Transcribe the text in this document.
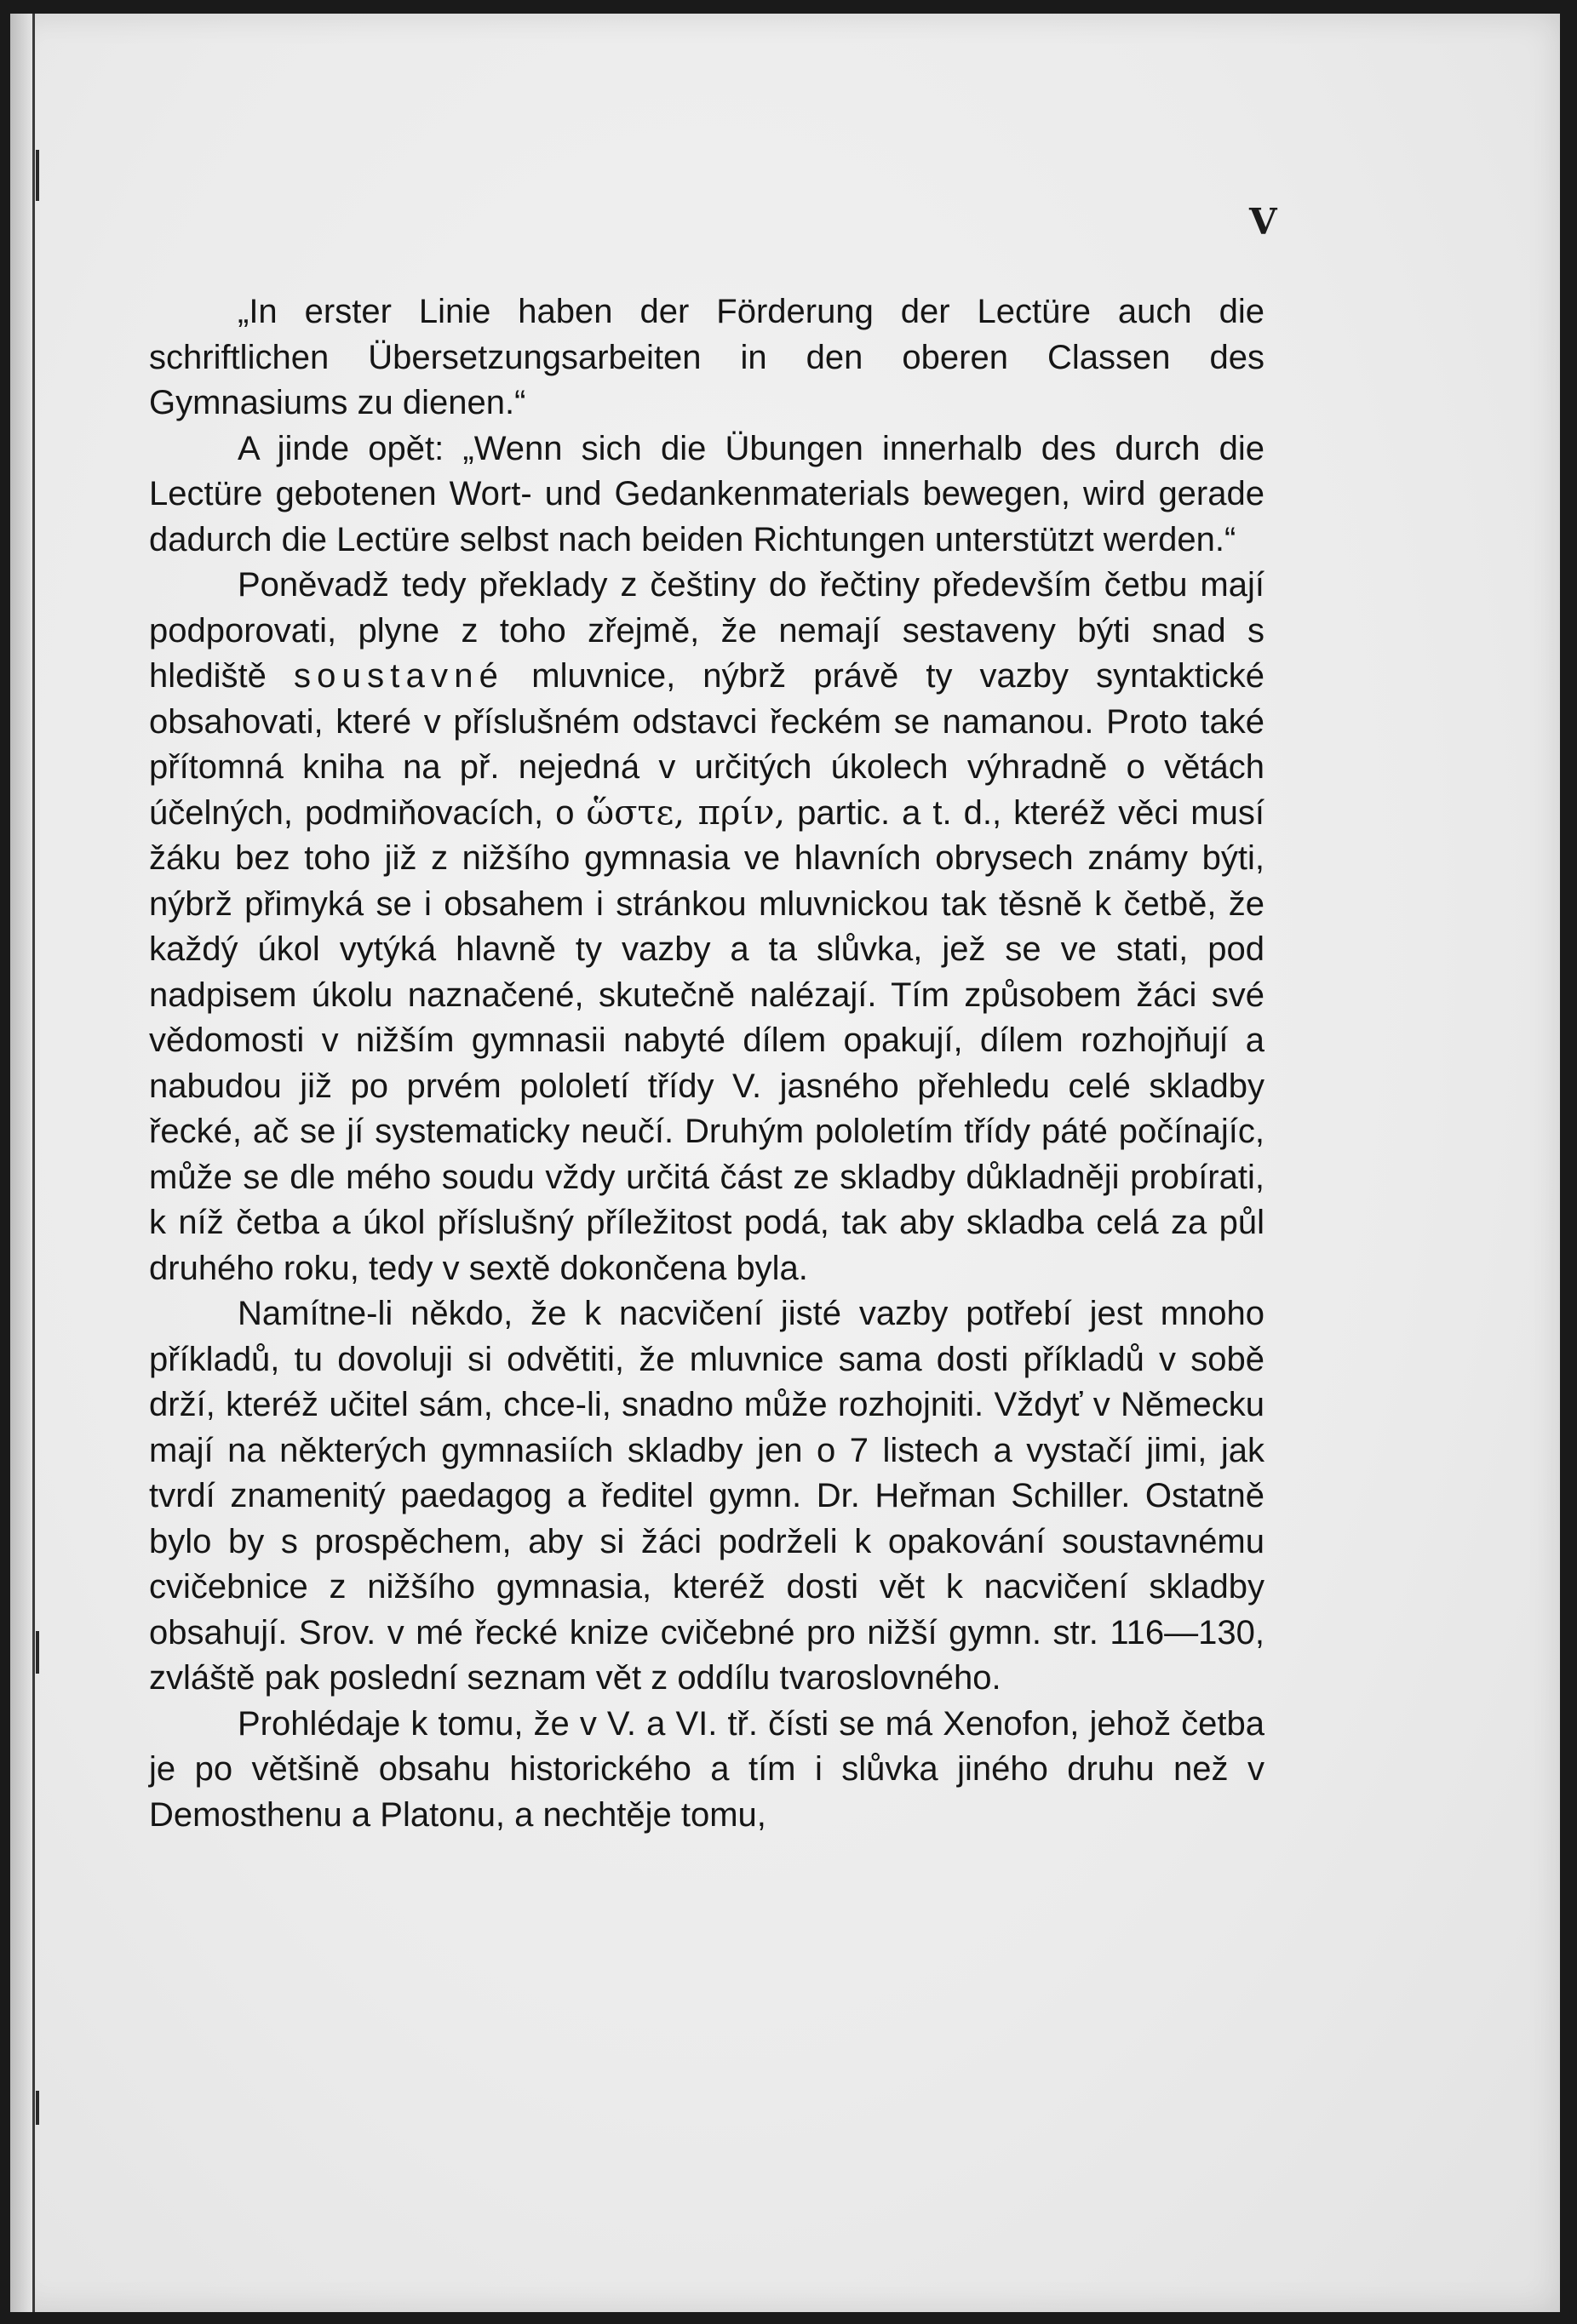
V

„In erster Linie haben der Förderung der Lectüre auch die schriftlichen Übersetzungsarbeiten in den oberen Classen des Gymnasiums zu dienen.“

A jinde opět: „Wenn sich die Übungen innerhalb des durch die Lectüre gebotenen Wort- und Gedankenmaterials bewegen, wird gerade dadurch die Lectüre selbst nach beiden Richtungen unterstützt werden.“

Poněvadž tedy překlady z češtiny do řečtiny především četbu mají podporovati, plyne z toho zřejmě, že nemají sestaveny býti snad s hlediště soustavné mluvnice, nýbrž právě ty vazby syntaktické obsahovati, které v příslušném odstavci řeckém se namanou. Proto také přítomná kniha na př. nejedná v určitých úkolech výhradně o větách účelných, podmiňovacích, o ὥστε, πρίν, partic. a t. d., kteréž věci musí žáku bez toho již z nižšího gymnasia ve hlavních obrysech známy býti, nýbrž přimyká se i obsahem i stránkou mluvnickou tak těsně k četbě, že každý úkol vytýká hlavně ty vazby a ta slůvka, jež se ve stati, pod nadpisem úkolu naznačené, skutečně nalézají. Tím způsobem žáci své vědomosti v nižším gymnasii nabyté dílem opakují, dílem rozhojňují a nabudou již po prvém pololetí třídy V. jasného přehledu celé skladby řecké, ač se jí systematicky neučí. Druhým pololetím třídy páté počínajíc, může se dle mého soudu vždy určitá část ze skladby důkladněji probírati, k níž četba a úkol příslušný příležitost podá, tak aby skladba celá za půl druhého roku, tedy v sextě dokončena byla.

Namítne-li někdo, že k nacvičení jisté vazby potřebí jest mnoho příkladů, tu dovoluji si odvětiti, že mluvnice sama dosti příkladů v sobě drží, kteréž učitel sám, chce-li, snadno může rozhojniti. Vždyť v Německu mají na některých gymnasiích skladby jen o 7 listech a vystačí jimi, jak tvrdí znamenitý paedagog a ředitel gymn. Dr. Heřman Schiller. Ostatně bylo by s prospěchem, aby si žáci podrželi k opakování soustavnému cvičebnice z nižšího gymnasia, kteréž dosti vět k nacvičení skladby obsahují. Srov. v mé řecké knize cvičebné pro nižší gymn. str. 116—130, zvláště pak poslední seznam vět z oddílu tvaroslovného.

Prohlédaje k tomu, že v V. a VI. tř. čísti se má Xenofon, jehož četba je po většině obsahu historického a tím i slůvka jiného druhu než v Demosthenu a Platonu, a nechtěje tomu,
